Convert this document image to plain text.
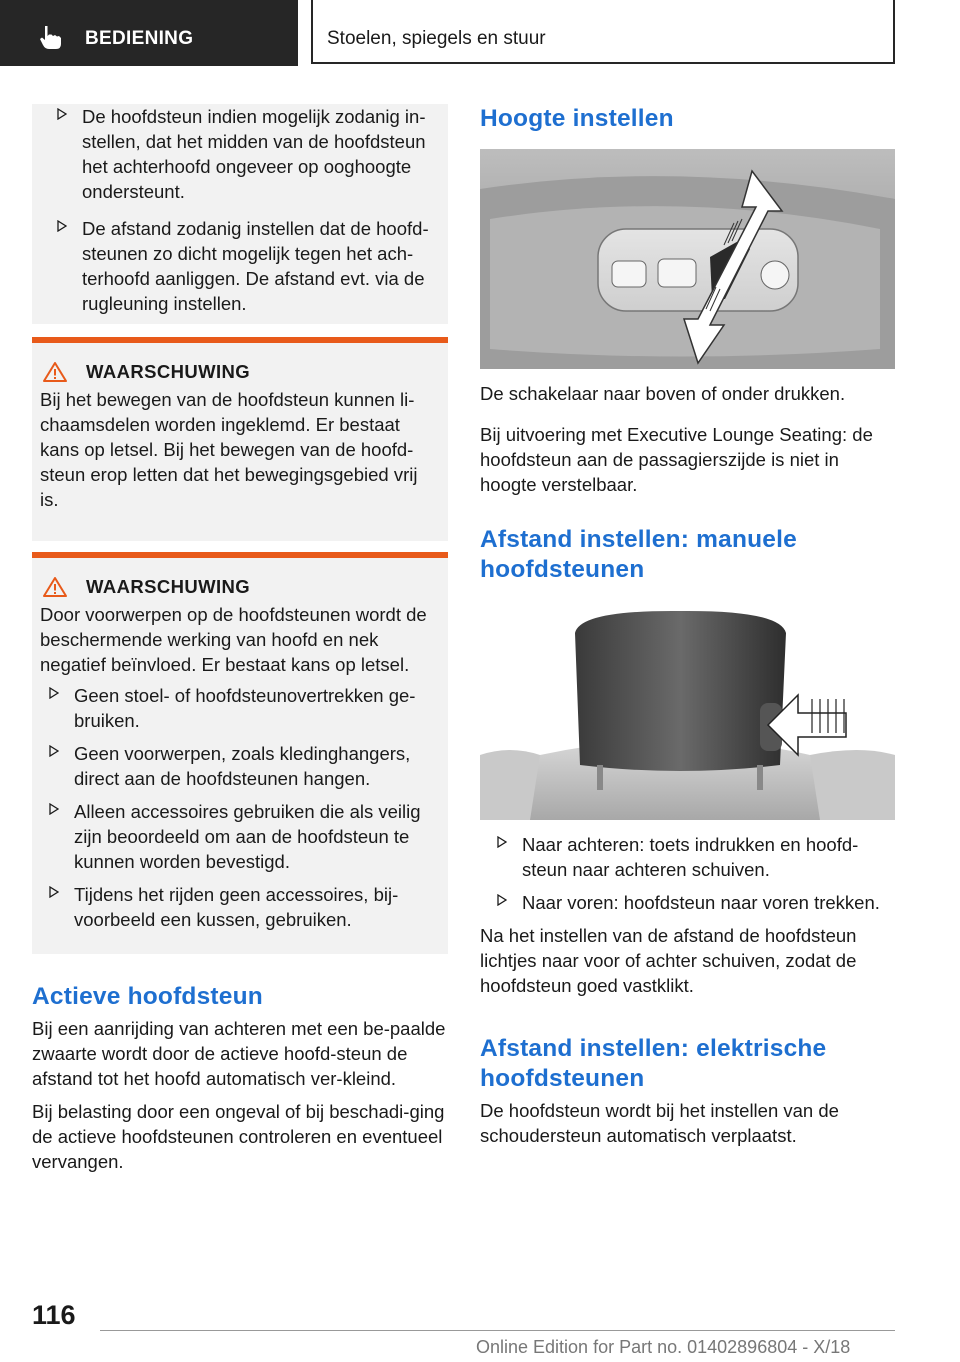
BEDIENING	Stoelen, spiegels en stuur
De hoofdsteun indien mogelijk zodanig in-stellen, dat het midden van de hoofdsteun het achterhoofd ongeveer op ooghoogte ondersteunt.
De afstand zodanig instellen dat de hoofd-steunen zo dicht mogelijk tegen het ach-terhoofd aanliggen. De afstand evt. via de rugleuning instellen.
WAARSCHUWING
Bij het bewegen van de hoofdsteun kunnen li-chaamsdelen worden ingeklemd. Er bestaat kans op letsel. Bij het bewegen van de hoofd-steun erop letten dat het bewegingsgebied vrij is.
WAARSCHUWING
Door voorwerpen op de hoofdsteunen wordt de beschermende werking van hoofd en nek negatief beïnvloed. Er bestaat kans op letsel.
Geen stoel- of hoofdsteunovertrekken ge-bruiken.
Geen voorwerpen, zoals kledinghangers, direct aan de hoofdsteunen hangen.
Alleen accessoires gebruiken die als veilig zijn beoordeeld om aan de hoofdsteun te kunnen worden bevestigd.
Tijdens het rijden geen accessoires, bij-voorbeeld een kussen, gebruiken.
Actieve hoofdsteun
Bij een aanrijding van achteren met een be-paalde zwaarte wordt door de actieve hoofd-steun de afstand tot het hoofd automatisch ver-kleind.
Bij belasting door een ongeval of bij beschadi-ging de actieve hoofdsteunen controleren en eventueel vervangen.
Hoogte instellen
De schakelaar naar boven of onder drukken.
Bij uitvoering met Executive Lounge Seating: de hoofdsteun aan de passagierszijde is niet in hoogte verstelbaar.
Afstand instellen: manuele hoofdsteunen
Naar achteren: toets indrukken en hoofd-steun naar achteren schuiven.
Naar voren: hoofdsteun naar voren trekken.
Na het instellen van de afstand de hoofdsteun lichtjes naar voor of achter schuiven, zodat de hoofdsteun goed vastklikt.
Afstand instellen: elektrische hoofdsteunen
De hoofdsteun wordt bij het instellen van de schoudersteun automatisch verplaatst.
116
Online Edition for Part no. 01402896804 - X/18
